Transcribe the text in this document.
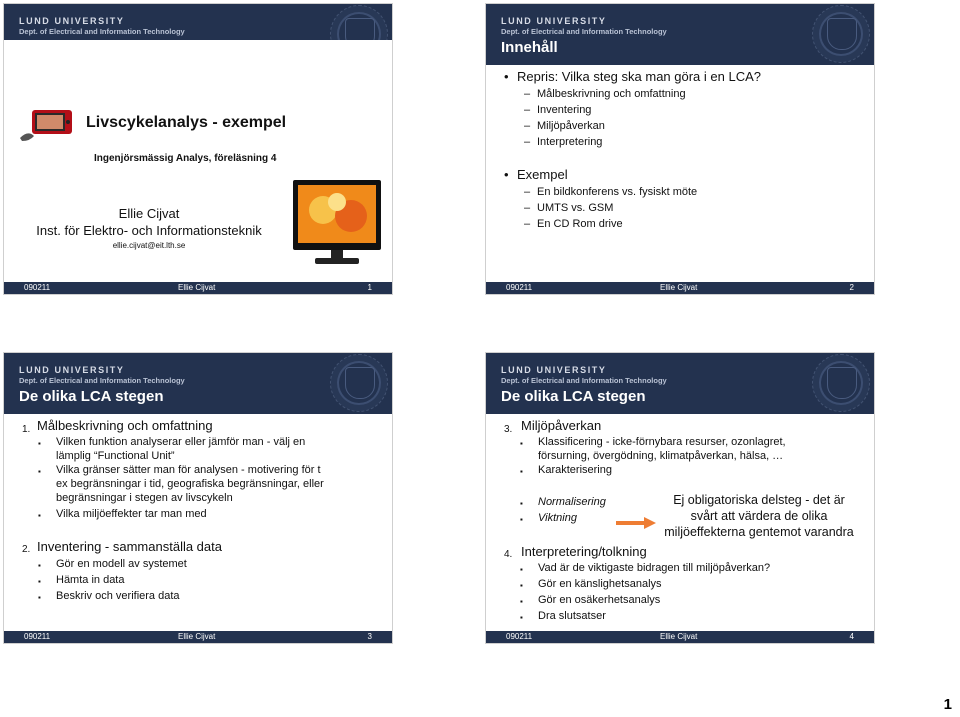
LUND UNIVERSITY
Dept. of Electrical and Information Technology
Livscykelanalys - exempel
Ingenjörsmässig Analys, föreläsning 4
Ellie Cijvat
Inst. för Elektro- och Informationsteknik
ellie.cijvat@eit.lth.se
090211	Ellie Cijvat	1
LUND UNIVERSITY
Dept. of Electrical and Information Technology
Innehåll
• Repris: Vilka steg ska man göra i en LCA?
– Målbeskrivning och omfattning
– Inventering
– Miljöpåverkan
– Interpretering
• Exempel
– En bildkonferens vs. fysiskt möte
– UMTS vs. GSM
– En CD Rom drive
090211	Ellie Cijvat	2
LUND UNIVERSITY
Dept. of Electrical and Information Technology
De olika LCA stegen
1. Målbeskrivning och omfattning
▪ Vilken funktion analyserar eller jämför man - välj en
lämplig “Functional Unit”
▪ Vilka gränser sätter man för analysen - motivering för t
ex begränsningar i tid, geografiska begränsningar, eller
begränsningar i stegen av livscykeln
▪ Vilka miljöeffekter tar man med
2. Inventering - sammanställa data
▪ Gör en modell av systemet
▪ Hämta in data
▪ Beskriv och verifiera data
090211	Ellie Cijvat	3
LUND UNIVERSITY
Dept. of Electrical and Information Technology
De olika LCA stegen
3. Miljöpåverkan
▪ Klassificering - icke-förnybara resurser, ozonlagret,
försurning, övergödning, klimatpåverkan, hälsa, …
▪ Karakterisering
▪ Normalisering
▪ Viktning
Ej obligatoriska delsteg - det är
svårt att värdera de olika
miljöeffekterna gentemot varandra
4. Interpretering/tolkning
▪ Vad är de viktigaste bidragen till miljöpåverkan?
▪ Gör en känslighetsanalys
▪ Gör en osäkerhetsanalys
▪ Dra slutsatser
090211	Ellie Cijvat	4
1
